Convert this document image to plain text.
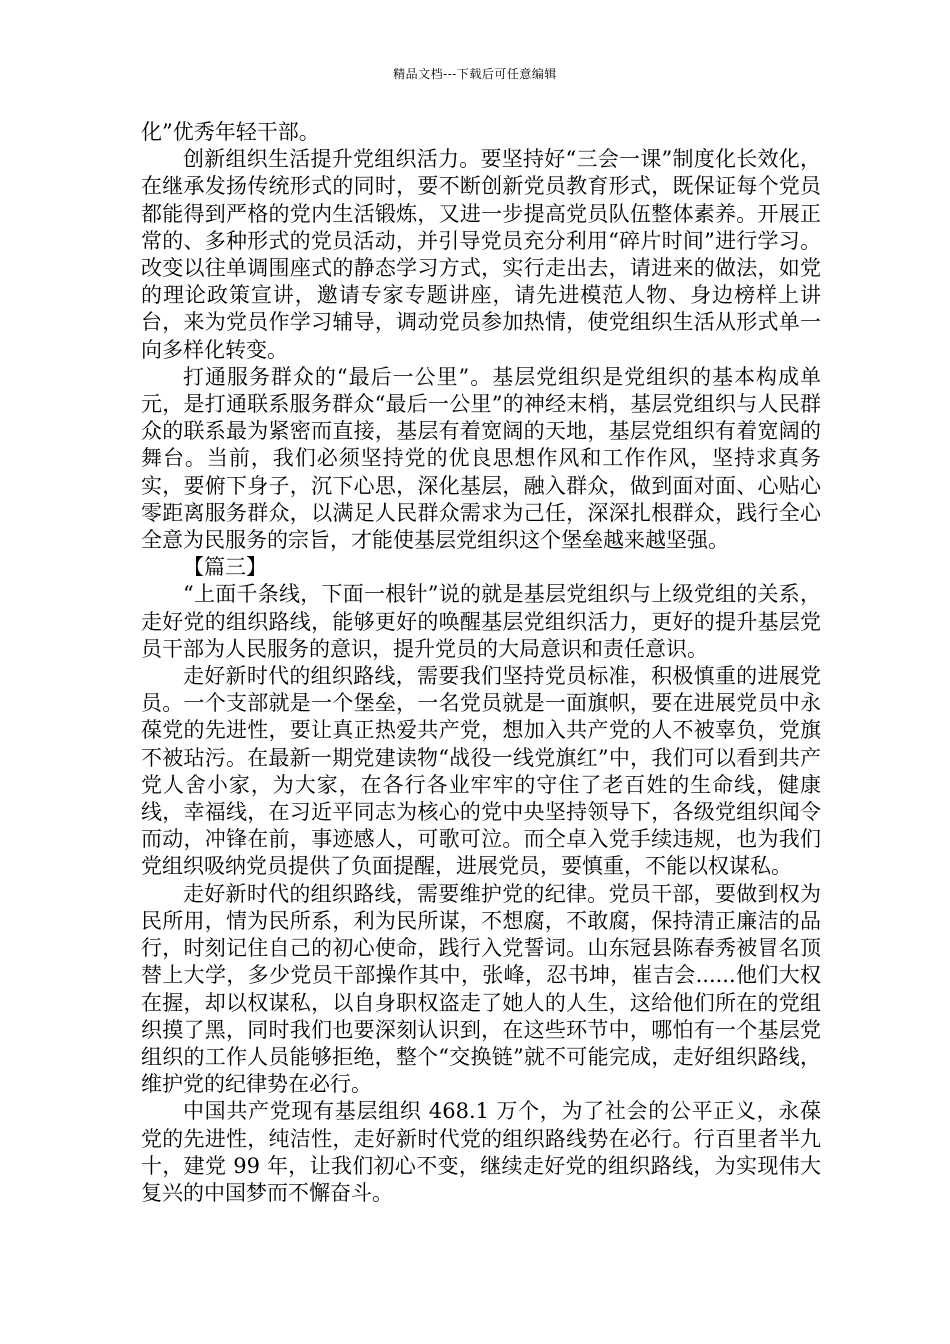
精品文档---下载后可任意编辑

化”优秀年轻干部。

创新组织生活提升党组织活力。要坚持好“三会一课”制度化长效化，在继承发扬传统形式的同时，要不断创新党员教育形式，既保证每个党员都能得到严格的党内生活锻炼，又进一步提高党员队伍整体素养。开展正常的、多种形式的党员活动，并引导党员充分利用“碎片时间”进行学习。改变以往单调围座式的静态学习方式，实行走出去，请进来的做法，如党的理论政策宣讲，邀请专家专题讲座，请先进模范人物、身边榜样上讲台，来为党员作学习辅导，调动党员参加热情，使党组织生活从形式单一向多样化转变。

打通服务群众的“最后一公里”。基层党组织是党组织的基本构成单元，是打通联系服务群众“最后一公里”的神经末梢，基层党组织与人民群众的联系最为紧密而直接，基层有着宽阔的天地，基层党组织有着宽阔的舞台。当前，我们必须坚持党的优良思想作风和工作作风，坚持求真务实，要俯下身子，沉下心思，深化基层，融入群众，做到面对面、心贴心零距离服务群众，以满足人民群众需求为己任，深深扎根群众，践行全心全意为民服务的宗旨，才能使基层党组织这个堡垒越来越坚强。

【篇三】

“上面千条线，下面一根针”说的就是基层党组织与上级党组的关系，走好党的组织路线，能够更好的唤醒基层党组织活力，更好的提升基层党员干部为人民服务的意识，提升党员的大局意识和责任意识。

走好新时代的组织路线，需要我们坚持党员标准，积极慎重的进展党员。一个支部就是一个堡垒，一名党员就是一面旗帜，要在进展党员中永葆党的先进性，要让真正热爱共产党，想加入共产党的人不被辜负，党旗不被玷污。在最新一期党建读物“战役一线党旗红”中，我们可以看到共产党人舍小家，为大家，在各行各业牢牢的守住了老百姓的生命线，健康线，幸福线，在习近平同志为核心的党中央坚持领导下，各级党组织闻令而动，冲锋在前，事迹感人，可歌可泣。而仝卓入党手续违规，也为我们党组织吸纳党员提供了负面提醒，进展党员，要慎重，不能以权谋私。

走好新时代的组织路线，需要维护党的纪律。党员干部，要做到权为民所用，情为民所系，利为民所谋，不想腐，不敢腐，保持清正廉洁的品行，时刻记住自己的初心使命，践行入党誓词。山东冠县陈春秀被冒名顶替上大学，多少党员干部操作其中，张峰，忍书坤，崔吉会......他们大权在握，却以权谋私，以自身职权盗走了她人的人生，这给他们所在的党组织摸了黑，同时我们也要深刻认识到，在这些环节中，哪怕有一个基层党组织的工作人员能够拒绝，整个“交换链”就不可能完成，走好组织路线，维护党的纪律势在必行。

中国共产党现有基层组织 468.1 万个，为了社会的公平正义，永葆党的先进性，纯洁性，走好新时代党的组织路线势在必行。行百里者半九十，建党 99 年，让我们初心不变，继续走好党的组织路线，为实现伟大复兴的中国梦而不懈奋斗。
